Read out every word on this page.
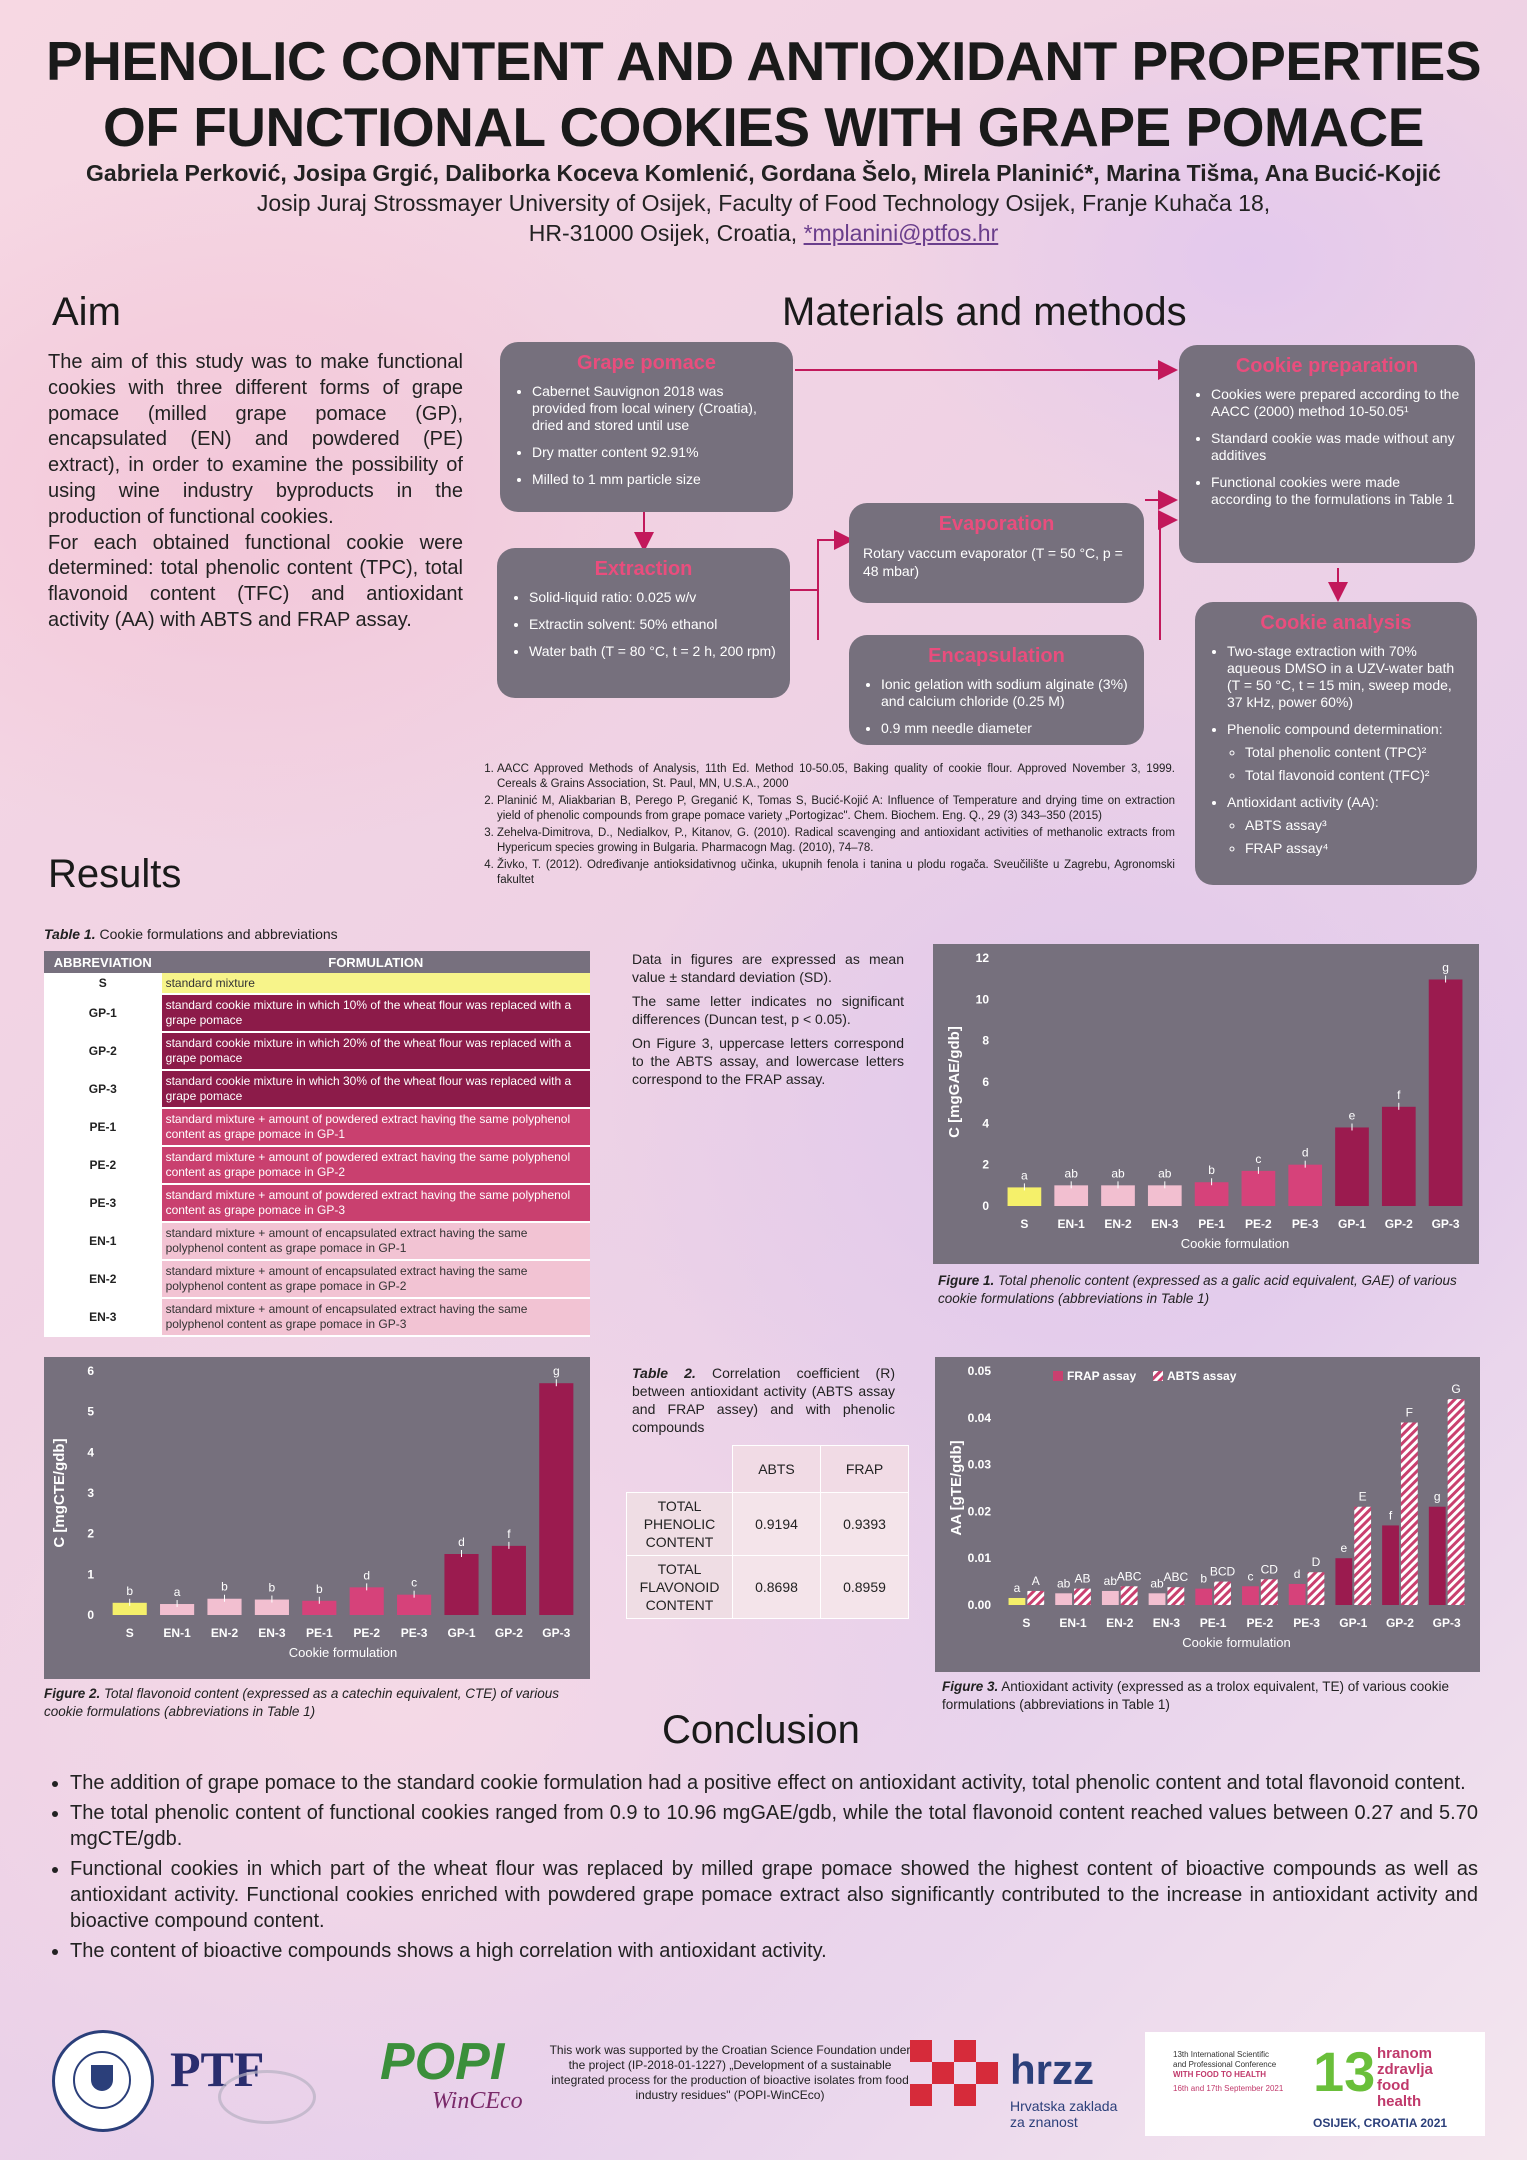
PHENOLIC CONTENT AND ANTIOXIDANT PROPERTIES
OF FUNCTIONAL COOKIES WITH GRAPE POMACE
Gabriela Perković, Josipa Grgić, Daliborka Koceva Komlenić, Gordana Šelo, Mirela Planinić*, Marina Tišma, Ana Bucić-Kojić
Josip Juraj Strossmayer University of Osijek, Faculty of Food Technology Osijek, Franje Kuhača 18,
HR-31000 Osijek, Croatia, *mplanini@ptfos.hr
Aim

The aim of this study was to make functional cookies with three different forms of grape pomace (milled grape pomace (GP), encapsulated (EN) and powdered (PE) extract), in order to examine the possibility of using wine industry byproducts in the production of functional cookies.

For each obtained functional cookie were determined: total phenolic content (TPC), total flavonoid content (TFC) and antioxidant activity (AA) with ABTS and FRAP assay.

Materials and methods
Grape pomace
• Cabernet Sauvignon 2018 was provided from local winery (Croatia), dried and stored until use
• Dry matter content 92.91%
• Milled to 1 mm particle size
Extraction
• Solid-liquid ratio: 0.025 w/v
• Extractin solvent: 50% ethanol
• Water bath (T = 80 °C, t = 2 h, 200 rpm)
Evaporation

Rotary vaccum evaporator (T = 50 °C, p = 48 mbar)

Encapsulation
• Ionic gelation with sodium alginate (3%) and calcium chloride (0.25 M)
• 0.9 mm needle diameter
Cookie preparation
• Cookies were prepared according to the AACC (2000) method 10-50.05¹
• Standard cookie was made without any additives
• Functional cookies were made according to the formulations in Table 1
Cookie analysis
• Two-stage extraction with 70% aqueous DMSO in a UZV-water bath (T = 50 °C, t = 15 min, sweep mode, 37 kHz, power 60%)
• Phenolic compound determination:
◦ Total phenolic content (TPC)²
◦ Total flavonoid content (TFC)²
• Antioxidant activity (AA):
◦ ABTS assay³
◦ FRAP assay⁴
1. AACC Approved Methods of Analysis, 11th Ed. Method 10-50.05, Baking quality of cookie flour. Approved November 3, 1999. Cereals & Grains Association, St. Paul, MN, U.S.A., 2000
2. Planinić M, Aliakbarian B, Perego P, Greganić K, Tomas S, Bucić-Kojić A: Influence of Temperature and drying time on extraction yield of phenolic compounds from grape pomace variety „Portogizac". Chem. Biochem. Eng. Q., 29 (3) 343–350 (2015)
3. Zehelva-Dimitrova, D., Nedialkov, P., Kitanov, G. (2010). Radical scavenging and antioxidant activities of methanolic extracts from Hypericum species growing in Bulgaria. Pharmacogn Mag. (2010), 74–78.
4. Živko, T. (2012). Određivanje antioksidativnog učinka, ukupnih fenola i tanina u plodu rogača. Sveučilište u Zagrebu, Agronomski fakultet
Results
Table 1. Cookie formulations and abbreviations
ABBREVIATION	FORMULATION
S	standard mixture
GP-1	standard cookie mixture in which 10% of the wheat flour was replaced with a grape pomace
GP-2	standard cookie mixture in which 20% of the wheat flour was replaced with a grape pomace
GP-3	standard cookie mixture in which 30% of the wheat flour was replaced with a grape pomace
PE-1	standard mixture + amount of powdered extract having the same polyphenol content as grape pomace in GP-1
PE-2	standard mixture + amount of powdered extract having the same polyphenol content as grape pomace in GP-2
PE-3	standard mixture + amount of powdered extract having the same polyphenol content as grape pomace in GP-3
EN-1	standard mixture + amount of encapsulated extract having the same polyphenol content as grape pomace in GP-1
EN-2	standard mixture + amount of encapsulated extract having the same polyphenol content as grape pomace in GP-2
EN-3	standard mixture + amount of encapsulated extract having the same polyphenol content as grape pomace in GP-3

Data in figures are expressed as mean value ± standard deviation (SD).

The same letter indicates no significant differences (Duncan test, p < 0.05).

On Figure 3, uppercase letters correspond to the ABTS assay, and lowercase letters correspond to the FRAP assay.

0
2
4
6
8
10
12
S EN-1 EN-2 EN-3 PE-1 PE-2 PE-3 GP-1 GP-2 GP-3
Cookie formulation
C [mgGAE/gdb]
a	ab	ab	ab	b
c	d
e
f
g
Figure 1. Total phenolic content (expressed as a galic acid equivalent, GAE) of various cookie formulations (abbreviations in Table 1)
0
1
2
3
4
5
6
S EN-1 EN-2 EN-3 PE-1 PE-2 PE-3 GP-1 GP-2 GP-3
Cookie formulation
C [mgCTE/gdb]
b	a	b	b	b
d
c
d
f
g
Figure 2. Total flavonoid content (expressed as a catechin equivalent, CTE) of various cookie formulations (abbreviations in Table 1)
Table 2. Correlation coefficient (R) between antioxidant activity (ABTS assay and FRAP assey) and with phenolic compounds
	ABTS	FRAP
TOTAL PHENOLIC CONTENT	0.9194	0.9393
TOTAL FLAVONOID CONTENT	0.8698	0.8959
0.00
0.01
0.02
0.03
0.04
0.05
S EN-1 EN-2 EN-3 PE-1 PE-2 PE-3 GP-1 GP-2 GP-3
Cookie formulation
AA [gTE/gdb]
a	ab	ab	ab	b	c	d
e
f
g
A	AB ABC ABC BCD CD
D
E
F
G
FRAP assay	ABTS assay
Figure 3. Antioxidant activity (expressed as a trolox equivalent, TE) of various cookie formulations (abbreviations in Table 1)
Conclusion
• The addition of grape pomace to the standard cookie formulation had a positive effect on antioxidant activity, total phenolic content and total flavonoid content.
• The total phenolic content of functional cookies ranged from 0.9 to 10.96 mgGAE/gdb, while the total flavonoid content reached values between 0.27 and 5.70 mgCTE/gdb.
• Functional cookies in which part of the wheat flour was replaced by milled grape pomace showed the highest content of bioactive compounds as well as antioxidant activity. Functional cookies enriched with powdered grape pomace extract also significantly contributed to the increase in antioxidant activity and bioactive compound content.
• The content of bioactive compounds shows a high correlation with antioxidant activity.
PTF POPI
WinCEco
This work was supported by the Croatian Science Foundation under the project (IP-2018-01-1227) „Development of a sustainable integrated process for the production of bioactive isolates from food industry residues" (POPI-WinCEco)
hrzz
Hrvatska zaklada
za znanost
13th International Scientific
and Professional Conference
WITH FOOD TO HEALTH
16th and 17th September 2021 13 hranom
zdravlja
food
health
OSIJEK, CROATIA 2021
